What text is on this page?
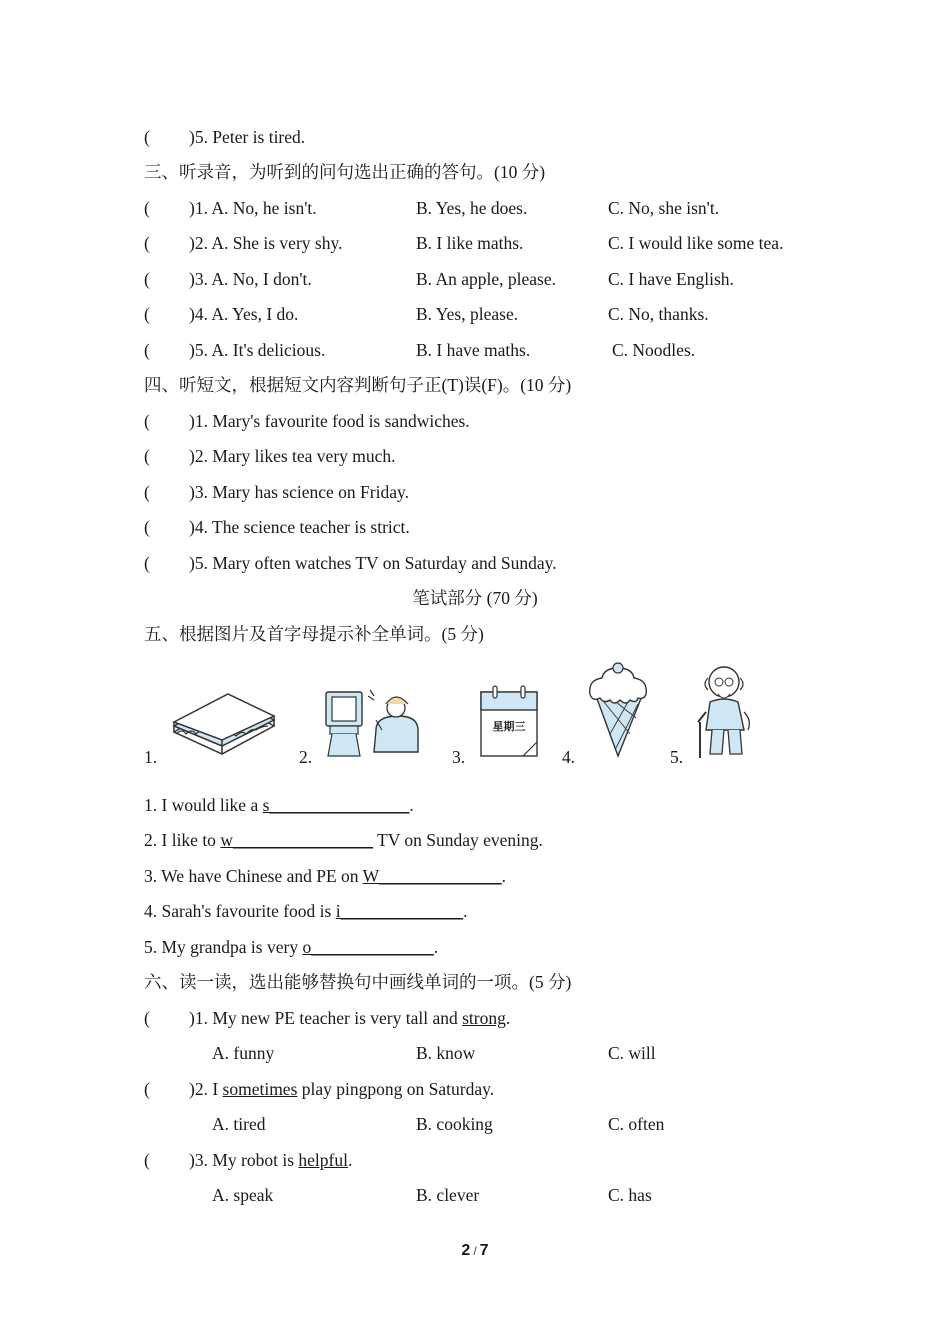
( )5. Peter is tired.
三、听录音，为听到的问句选出正确的答句。(10 分)
( )1. A. No, he isn't.	B. Yes, he does.	C. No, she isn't.
( )2. A. She is very shy.	B. I like maths.	C. I would like some tea.
( )3. A. No, I don't.	B. An apple, please.	C. I have English.
( )4. A. Yes, I do.	B. Yes, please.	C. No, thanks.
( )5. A. It's delicious.	B. I have maths.	C. Noodles.
四、听短文，根据短文内容判断句子正(T)误(F)。(10 分)
( )1. Mary's favourite food is sandwiches.
( )2. Mary likes tea very much.
( )3. Mary has science on Friday.
( )4. The science teacher is strict.
( )5. Mary often watches TV on Saturday and Sunday.
笔试部分 (70 分)
五、根据图片及首字母提示补全单词。(5 分)
1.	2.	3.
星期三
4.	5.
1. I would like a s________________.
2. I like to w________________ TV on Sunday evening.
3. We have Chinese and PE on W______________.
4. Sarah's favourite food is i______________.
5. My grandpa is very o______________.
六、读一读，选出能够替换句中画线单词的一项。(5 分)
( )1. My new PE teacher is very tall and strong.
A. funny	B. know	C. will
( )2. I sometimes play pingpong on Saturday.
A. tired	B. cooking	C. often
( )3. My robot is helpful.
A. speak	B. clever	C. has
2 / 7
